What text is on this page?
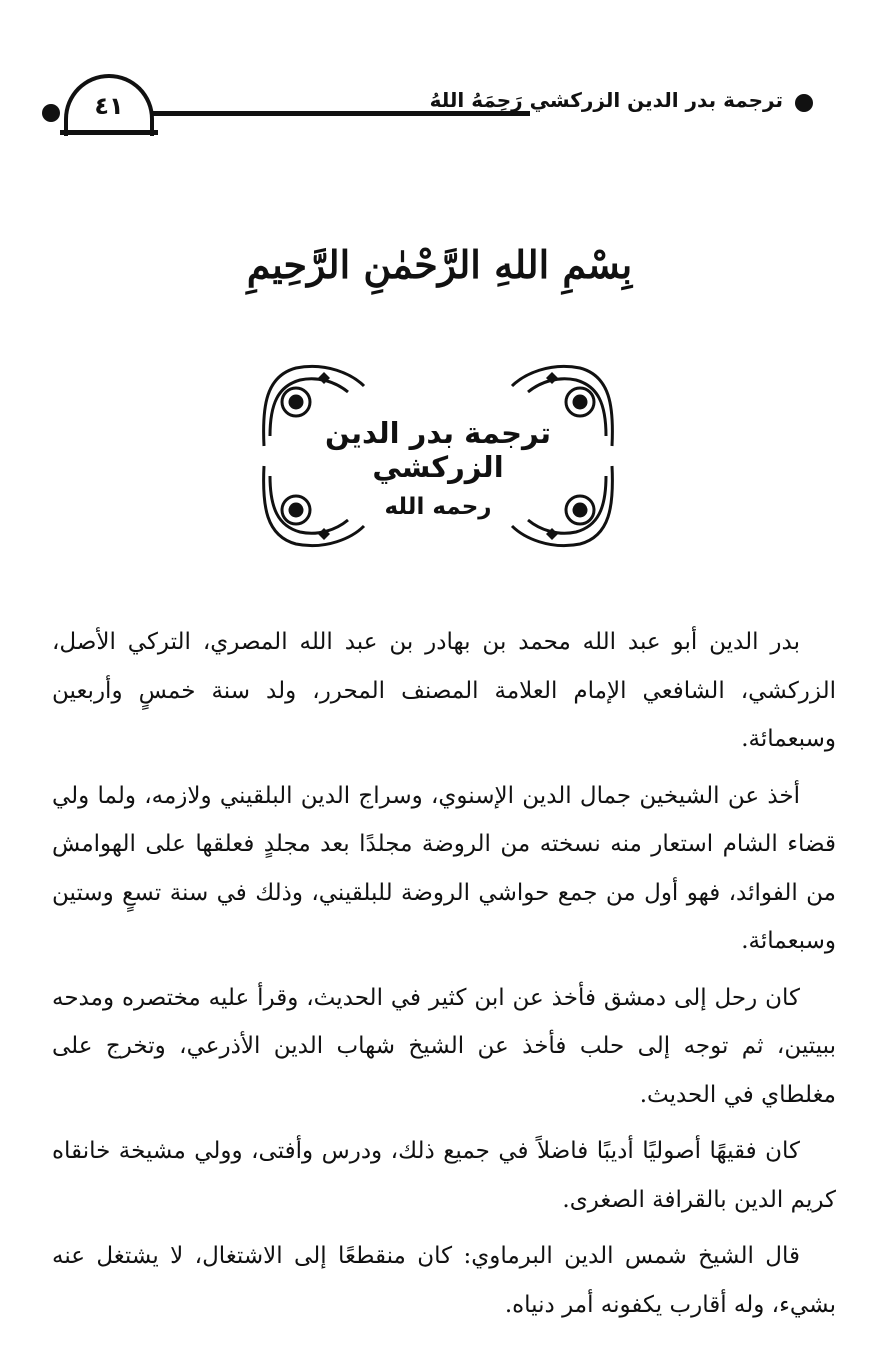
٤١	ترجمة بدر الدين الزركشي رَحِمَهُ اللهُ
بِسْمِ اللهِ الرَّحْمٰنِ الرَّحِيمِ
ترجمة بدر الدين الزركشي
رحمه الله

بدر الدين أبو عبد الله محمد بن بهادر بن عبد الله المصري، التركي الأصل، الزركشي، الشافعي الإمام العلامة المصنف المحرر، ولد سنة خمسٍ وأربعين وسبعمائة.

أخذ عن الشيخين جمال الدين الإسنوي، وسراج الدين البلقيني ولازمه، ولما ولي قضاء الشام استعار منه نسخته من الروضة مجلدًا بعد مجلدٍ فعلقها على الهوامش من الفوائد، فهو أول من جمع حواشي الروضة للبلقيني، وذلك في سنة تسعٍ وستين وسبعمائة.

كان رحل إلى دمشق فأخذ عن ابن كثير في الحديث، وقرأ عليه مختصره ومدحه ببيتين، ثم توجه إلى حلب فأخذ عن الشيخ شهاب الدين الأذرعي، وتخرج على مغلطاي في الحديث.

كان فقيهًا أصوليًا أديبًا فاضلاً في جميع ذلك، ودرس وأفتى، وولي مشيخة خانقاه كريم الدين بالقرافة الصغرى.

قال الشيخ شمس الدين البرماوي: كان منقطعًا إلى الاشتغال، لا يشتغل عنه بشيء، وله أقارب يكفونه أمر دنياه.
